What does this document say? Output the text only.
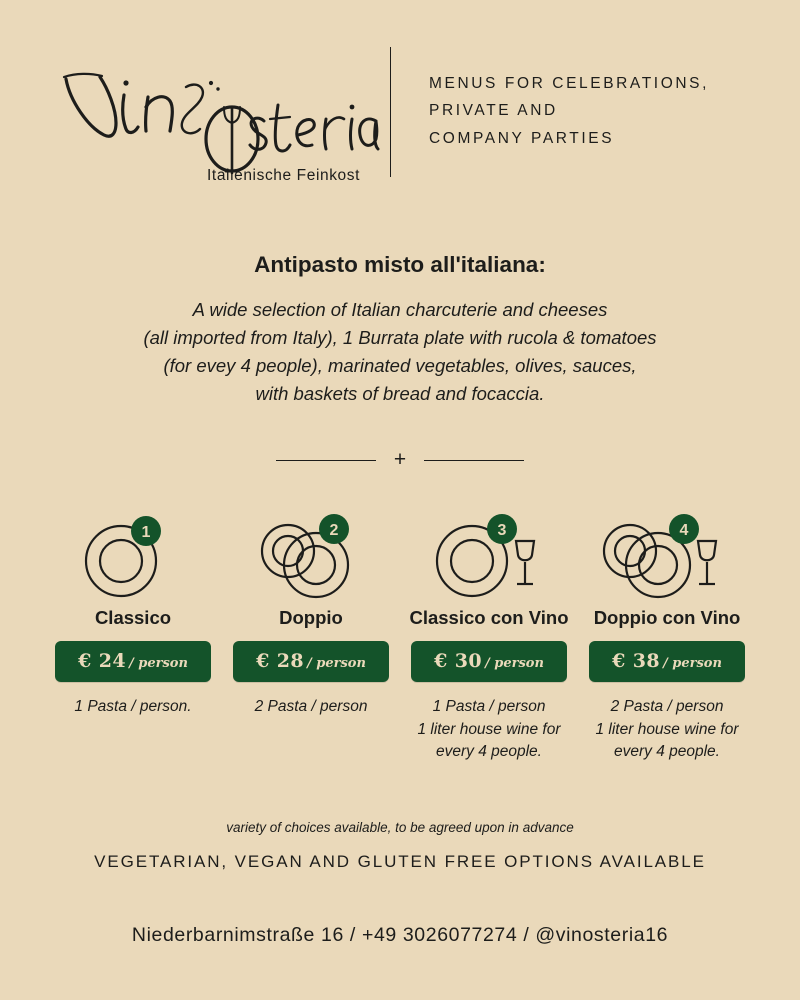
Italienische Feinkost
MENUS FOR CELEBRATIONS,
PRIVATE AND
COMPANY PARTIES
Antipasto misto all'italiana:
A wide selection of Italian charcuterie and cheeses
(all imported from Italy), 1 Burrata plate with rucola & tomatoes
(for evey 4 people), marinated vegetables, olives, sauces,
with baskets of bread and focaccia.
+
1
Classico
€ 24 / person
1 Pasta / person.
2
Doppio
€ 28 / person
2 Pasta / person
3
Classico con Vino
€ 30 / person
1 Pasta / person
1 liter house wine for
every 4 people.
4
Doppio con Vino
€ 38 / person
2 Pasta / person
1 liter house wine for
every 4 people.
variety of choices available, to be agreed upon in advance
VEGETARIAN, VEGAN AND GLUTEN FREE OPTIONS AVAILABLE
Niederbarnimstraße 16 / +49 3026077274 / @vinosteria16
